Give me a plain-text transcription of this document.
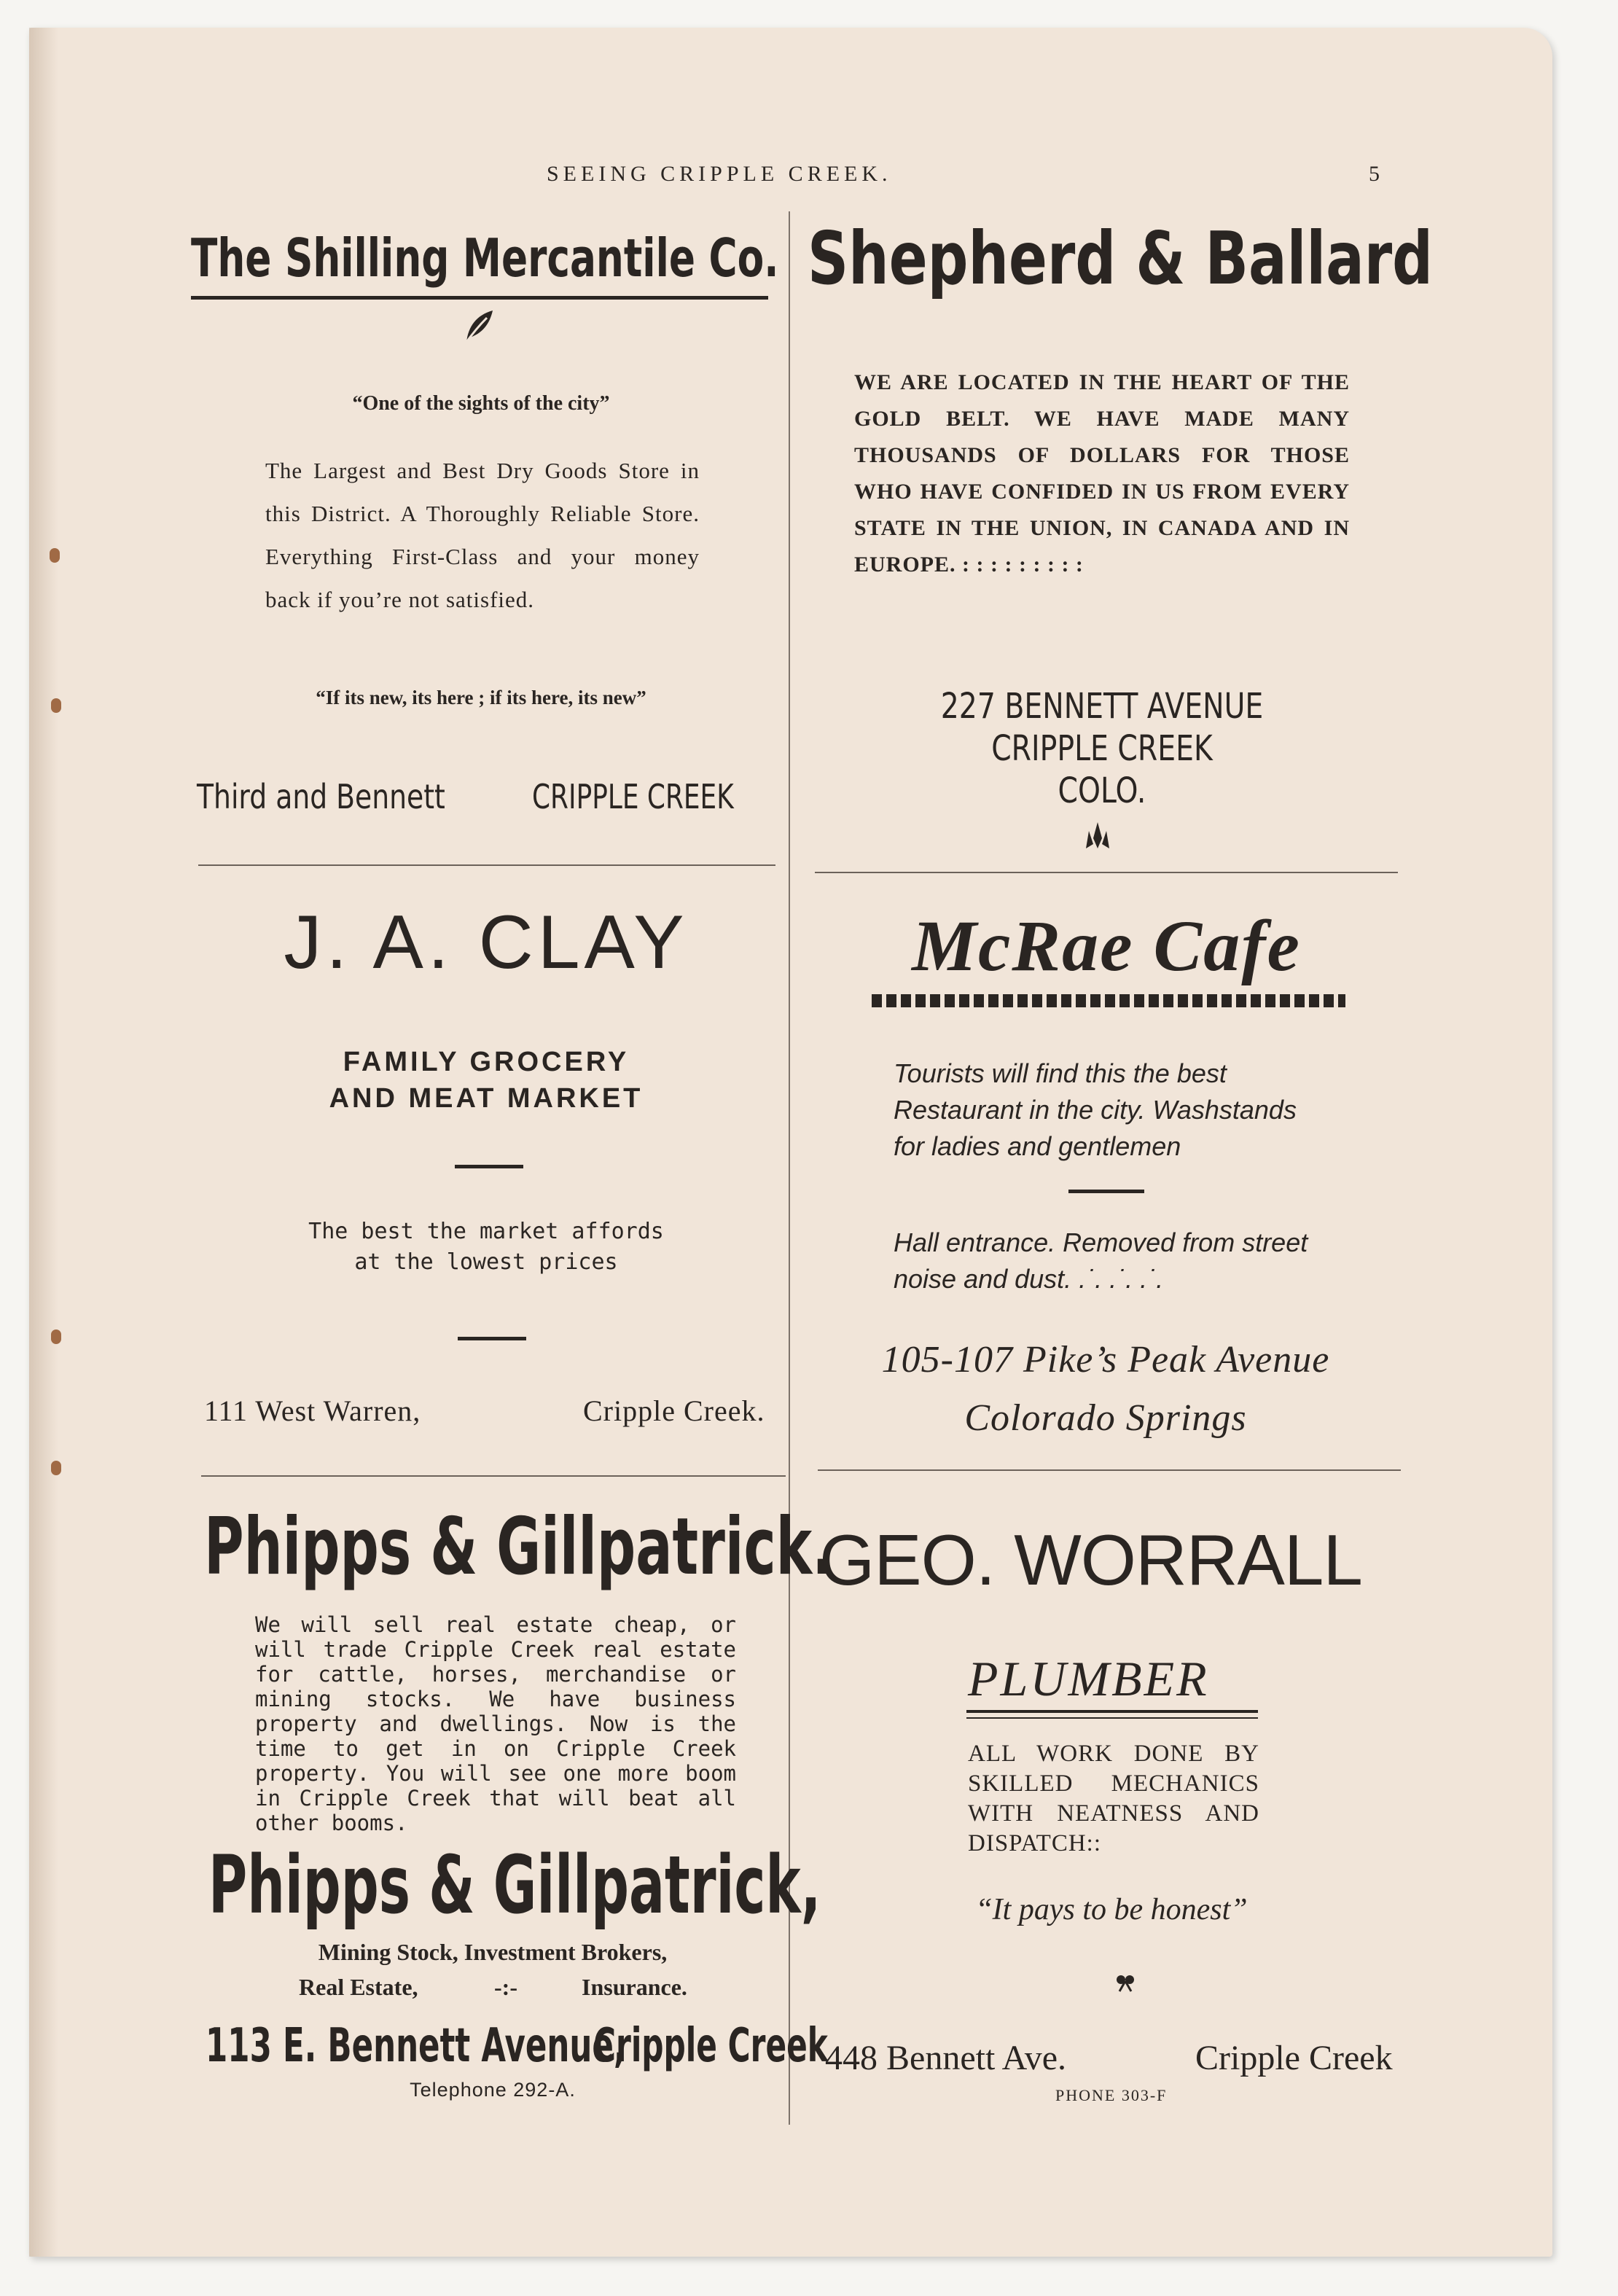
SEEING CRIPPLE CREEK.	5
The Shilling Mercantile Co.
“One of the sights of the city”
The Largest and Best Dry Goods Store in this District. A Thoroughly Reliable Store. Everything First-Class and your money back if you’re not satisfied.
“If its new, its here ; if its here, its new”
Third and Bennett	CRIPPLE CREEK
Shepherd & Ballard
WE ARE LOCATED IN THE HEART OF THE GOLD BELT. WE HAVE MADE MANY THOUSANDS OF DOLLARS FOR THOSE WHO HAVE CONFIDED IN US FROM EVERY STATE IN THE UNION, IN CANADA AND IN EUROPE. : : : : : : : : :
227 BENNETT AVENUE
CRIPPLE CREEK
COLO.
J. A. CLAY
FAMILY GROCERY
AND MEAT MARKET
The best the market affords
at the lowest prices
111 West Warren,	Cripple Creek.
McRae Cafe
Tourists will find this the best Restaurant in the city. Washstands for ladies and gentlemen
Hall entrance. Removed from street noise and dust. .˙. .˙. .˙.
105-107 Pike’s Peak Avenue
Colorado Springs
Phipps & Gillpatrick.
We will sell real estate cheap, or will trade Cripple Creek real estate for cattle, horses, merchandise or mining stocks. We have business property and dwellings. Now is the time to get in on Cripple Creek property. You will see one more boom in Cripple Creek that will beat all other booms.
Phipps & Gillpatrick,
Mining Stock, Investment Brokers,
Real Estate,	-:-	Insurance.
113 E. Bennett Avenue,
Cripple Creek
Telephone 292-A.
GEO. WORRALL
PLUMBER
ALL WORK DONE BY SKILLED MECHANICS WITH NEATNESS AND DISPATCH::
“It pays to be honest”
448 Bennett Ave.	Cripple Creek
PHONE 303-F
